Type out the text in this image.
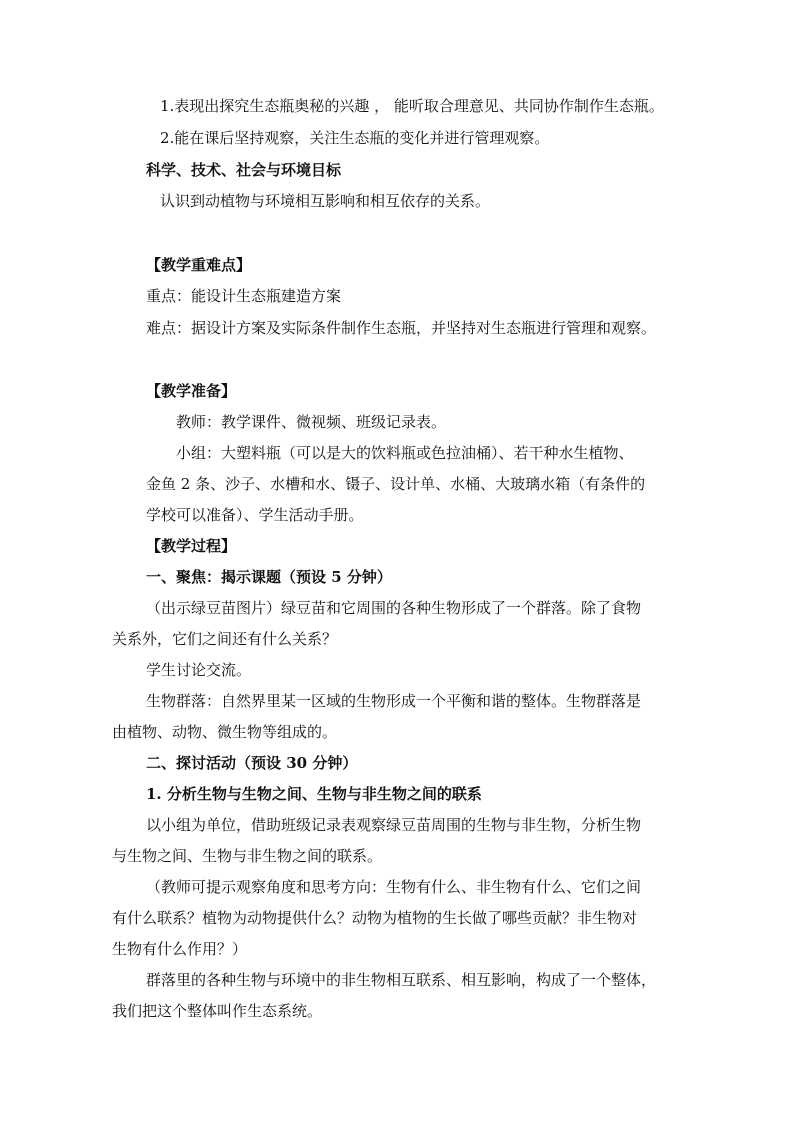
1.表现出探究生态瓶奥秘的兴趣 ， 能听取合理意见、共同协作制作生态瓶。
2.能在课后坚持观察，关注生态瓶的变化并进行管理观察。
科学、技术、社会与环境目标
认识到动植物与环境相互影响和相互依存的关系。
【教学重难点】
重点：能设计生态瓶建造方案
难点：据设计方案及实际条件制作生态瓶，并坚持对生态瓶进行管理和观察。
【教学准备】
教师：教学课件、微视频、班级记录表。
小组：大塑料瓶（可以是大的饮料瓶或色拉油桶）、若干种水生植物、
金鱼 2 条、沙子、水槽和水、镊子、设计单、水桶、大玻璃水箱（有条件的
学校可以准备）、学生活动手册。
【教学过程】
一、聚焦：揭示课题（预设 5 分钟）
（出示绿豆苗图片）绿豆苗和它周围的各种生物形成了一个群落。除了食物
关系外，它们之间还有什么关系？
学生讨论交流。
生物群落：自然界里某一区域的生物形成一个平衡和谐的整体。生物群落是
由植物、动物、微生物等组成的。
二、探讨活动（预设 30 分钟）
1. 分析生物与生物之间、生物与非生物之间的联系
以小组为单位，借助班级记录表观察绿豆苗周围的生物与非生物，分析生物
与生物之间、生物与非生物之间的联系。
（教师可提示观察角度和思考方向：生物有什么、非生物有什么、它们之间
有什么联系？植物为动物提供什么？动物为植物的生长做了哪些贡献？非生物对
生物有什么作用？）
群落里的各种生物与环境中的非生物相互联系、相互影响，构成了一个整体，
我们把这个整体叫作生态系统。
